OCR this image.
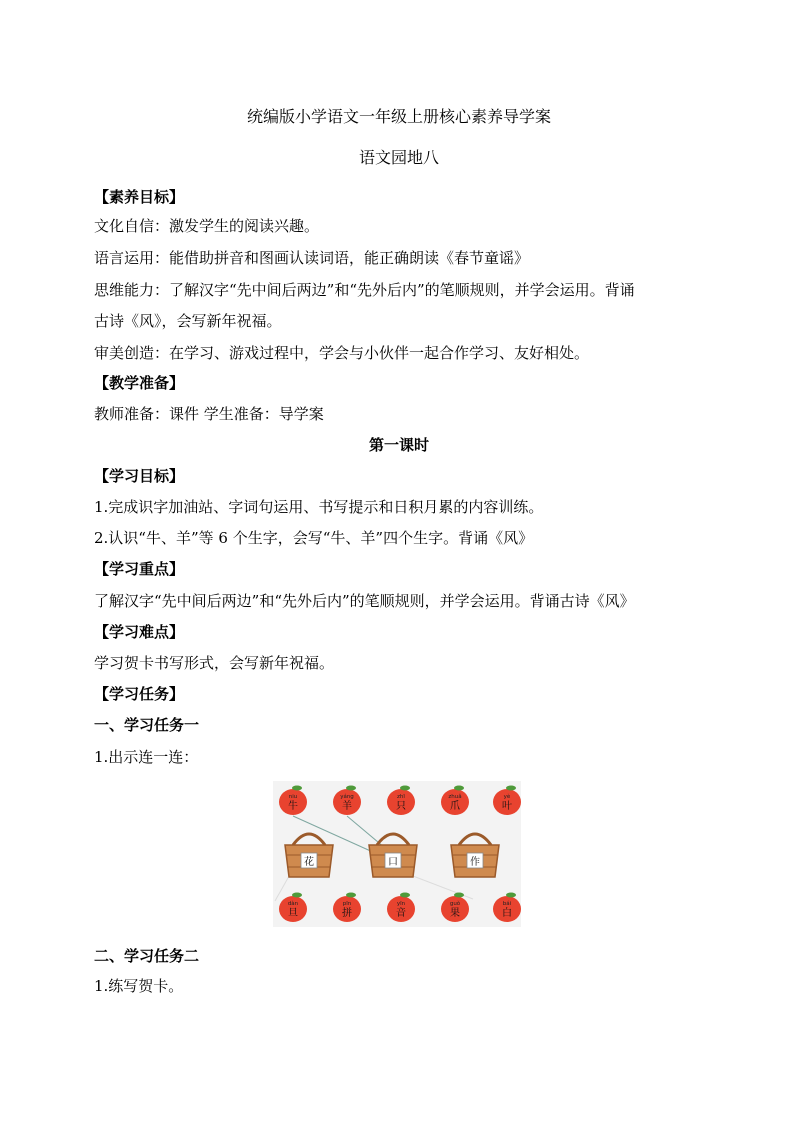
统编版小学语文一年级上册核心素养导学案
语文园地八
【素养目标】
文化自信：激发学生的阅读兴趣。
语言运用：能借助拼音和图画认读词语，能正确朗读《春节童谣》
思维能力：了解汉字“先中间后两边”和“先外后内”的笔顺规则，并学会运用。背诵
古诗《风》，会写新年祝福。
审美创造：在学习、游戏过程中，学会与小伙伴一起合作学习、友好相处。
【教学准备】
教师准备：课件 学生准备：导学案
第一课时
【学习目标】
1.完成识字加油站、字词句运用、书写提示和日积月累的内容训练。
2.认识“牛、羊”等 6 个生字，会写“牛、羊”四个生字。背诵《风》
【学习重点】
了解汉字“先中间后两边”和“先外后内”的笔顺规则，并学会运用。背诵古诗《风》
【学习难点】
学习贺卡书写形式，会写新年祝福。
【学习任务】
一、学习任务一
1.出示连一连：
花	口	作
niu
牛
yáng
羊
zhī
只
zhuǎ
爪
yè
叶
dàn
旦
pīn
拼
yīn
音
guǒ
果
bái
白
二、学习任务二
1.练写贺卡。
